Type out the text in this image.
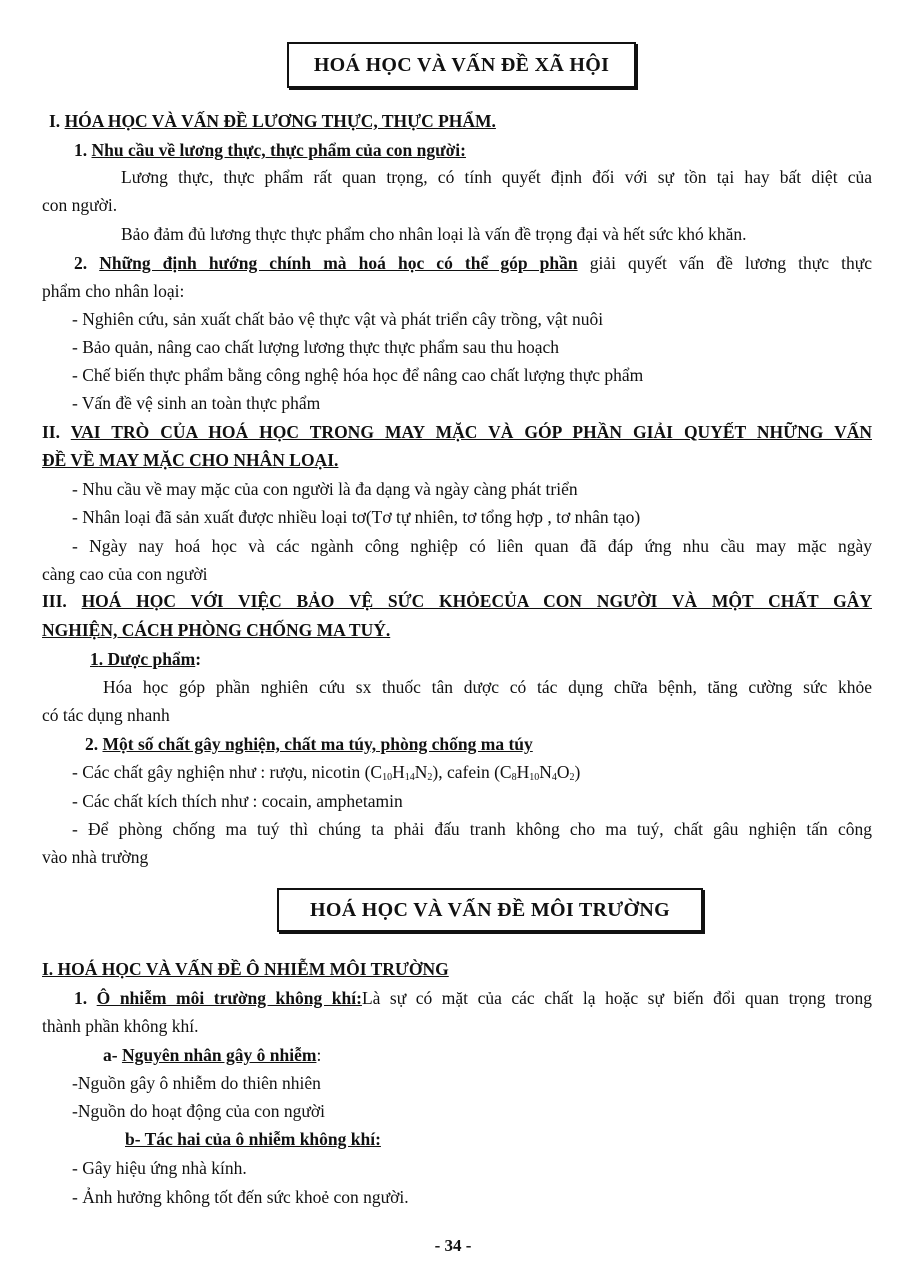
HOÁ HỌC VÀ VẤN ĐỀ XÃ HỘI
I. HÓA HỌC VÀ VẤN ĐỀ LƯƠNG THỰC, THỰC PHẨM.
1. Nhu cầu về lương thực, thực phẩm của con người:
Lương thực, thực phẩm rất quan trọng, có tính quyết định đối với sự tồn tại hay bất diệt của
con người.
Bảo đảm đủ lương thực thực phẩm cho nhân loại là vấn đề trọng đại và hết sức khó khăn.
2. Những định hướng chính mà hoá học có thể góp phần giải quyết vấn đề lương thực thực
phẩm cho nhân loại:
- Nghiên cứu, sản xuất chất bảo vệ thực vật và phát triển cây trồng, vật nuôi
- Bảo quản, nâng cao chất lượng lương thực thực phẩm sau thu hoạch
- Chế biến thực phẩm bằng công nghệ hóa học để nâng cao chất lượng thực phẩm
- Vấn đề vệ sinh an toàn thực phẩm
II. VAI TRÒ CỦA HOÁ HỌC TRONG MAY MẶC VÀ GÓP PHẦN GIẢI QUYẾT NHỮNG VẤN
ĐỀ VỀ MAY MẶC CHO NHÂN LOẠI.
- Nhu cầu về may mặc của con người là đa dạng và ngày càng phát triển
- Nhân loại đã sản xuất được nhiều loại tơ(Tơ tự nhiên, tơ tổng hợp , tơ nhân tạo)
- Ngày nay hoá học và các ngành công nghiệp có liên quan đã đáp ứng nhu cầu may mặc ngày
càng cao của con người
III. HOÁ HỌC VỚI VIỆC BẢO VỆ SỨC KHỎECỦA CON NGƯỜI VÀ MỘT CHẤT GÂY
NGHIỆN, CÁCH PHÒNG CHỐNG MA TUÝ.
1. Dược phẩm:
Hóa học góp phần nghiên cứu sx thuốc tân dược có tác dụng chữa bệnh, tăng cường sức khỏe
có tác dụng nhanh
2. Một số chất gây nghiện, chất ma túy, phòng chống ma túy
- Các chất gây nghiện như : rượu, nicotin $(C_{10}H_{14}N_2)$, cafein $(C_8H_{10}N_4O_2)$
- Các chất kích thích như : cocain, amphetamin
- Để phòng chống ma tuý thì chúng ta phải đấu tranh không cho ma tuý, chất gâu nghiện tấn công
vào nhà trường
HOÁ HỌC VÀ VẤN ĐỀ MÔI TRƯỜNG
I. HOÁ HỌC VÀ VẤN ĐỀ Ô NHIỄM MÔI TRƯỜNG
1. Ô nhiễm môi trường không khí:Là sự có mặt của các chất lạ hoặc sự biến đổi quan trọng trong
thành phần không khí.
a- Nguyên nhân gây ô nhiễm:
-Nguồn gây ô nhiễm do thiên nhiên
-Nguồn do hoạt động của con người
b- Tác hai của ô nhiễm không khí:
- Gây hiệu ứng nhà kính.
- Ảnh hưởng không tốt đến sức khoẻ con người.
- 34 -
